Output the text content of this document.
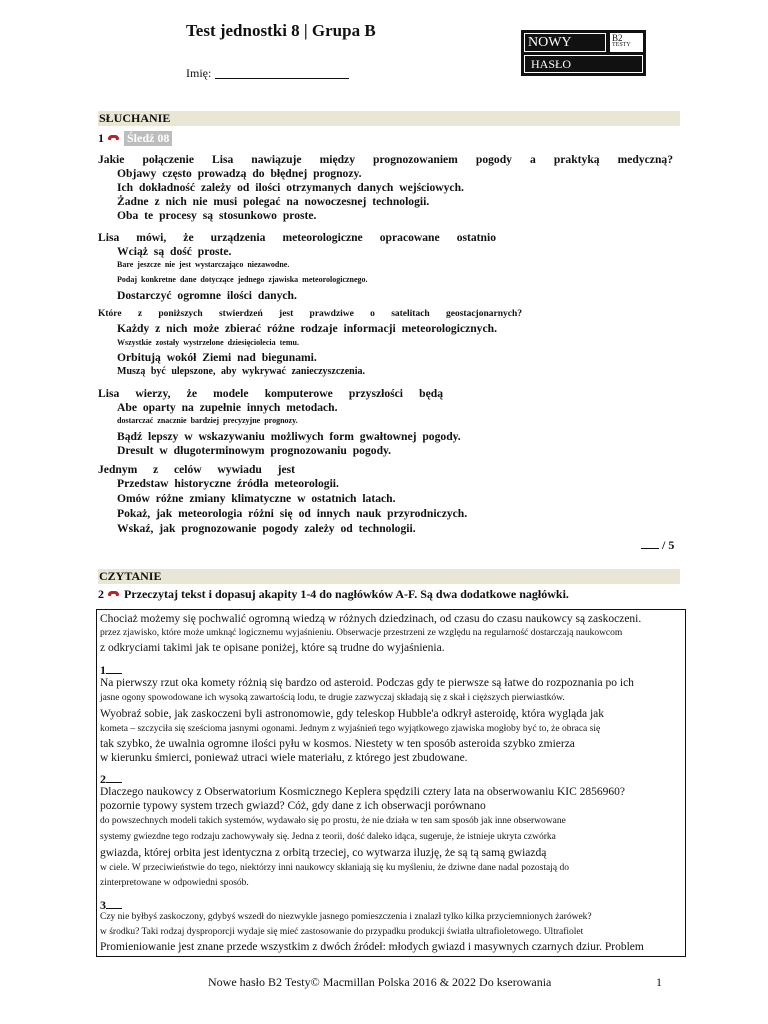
Test jednostki 8 | Grupa B
Imię:
NOWY	B2
TESTY
HASŁO
SŁUCHANIE
1 Śledź 08
Jakie połączenie Lisa nawiązuje między prognozowaniem pogody a praktyką medyczną?
Objawy często prowadzą do błędnej prognozy.
Ich dokładność zależy od ilości otrzymanych danych wejściowych.
Żadne z nich nie musi polegać na nowoczesnej technologii.
Oba te procesy są stosunkowo proste.
Lisa mówi, że urządzenia meteorologiczne opracowane ostatnio
Wciąż są dość proste.
Bare jeszcze nie jest wystarczająco niezawodne.
Podaj konkretne dane dotyczące jednego zjawiska meteorologicznego.
Dostarczyć ogromne ilości danych.
Które z poniższych stwierdzeń jest prawdziwe o satelitach geostacjonarnych?
Każdy z nich może zbierać różne rodzaje informacji meteorologicznych.
Wszystkie zostały wystrzelone dziesięciolecia temu.
Orbitują wokół Ziemi nad biegunami.
Muszą być ulepszone, aby wykrywać zanieczyszczenia.
Lisa wierzy, że modele komputerowe przyszłości będą
Abe oparty na zupełnie innych metodach.
dostarczać znacznie bardziej precyzyjne prognozy.
Bądź lepszy w wskazywaniu możliwych form gwałtownej pogody.
Dresult w długoterminowym prognozowaniu pogody.
Jednym z celów wywiadu jest
Przedstaw historyczne źródła meteorologii.
Omów różne zmiany klimatyczne w ostatnich latach.
Pokaż, jak meteorologia różni się od innych nauk przyrodniczych.
Wskaź, jak prognozowanie pogody zależy od technologii.
/ 5
CZYTANIE
2 Przeczytaj tekst i dopasuj akapity 1-4 do nagłówków A-F. Są dwa dodatkowe nagłówki.
Chociaż możemy się pochwalić ogromną wiedzą w różnych dziedzinach, od czasu do czasu naukowcy są zaskoczeni.
przez zjawisko, które może umknąć logicznemu wyjaśnieniu. Obserwacje przestrzeni ze względu na regularność dostarczają naukowcom
z odkryciami takimi jak te opisane poniżej, które są trudne do wyjaśnienia.
1
Na pierwszy rzut oka komety różnią się bardzo od asteroid. Podczas gdy te pierwsze są łatwe do rozpoznania po ich
jasne ogony spowodowane ich wysoką zawartością lodu, te drugie zazwyczaj składają się z skał i cięższych pierwiastków.
Wyobraź sobie, jak zaskoczeni byli astronomowie, gdy teleskop Hubble'a odkrył asteroidę, która wygląda jak
kometa – szczyciła się sześcioma jasnymi ogonami. Jednym z wyjaśnień tego wyjątkowego zjawiska mogłoby być to, że obraca się
tak szybko, że uwalnia ogromne ilości pyłu w kosmos. Niestety w ten sposób asteroida szybko zmierza
w kierunku śmierci, ponieważ utraci wiele materiału, z którego jest zbudowane.
2
Dlaczego naukowcy z Obserwatorium Kosmicznego Keplera spędzili cztery lata na obserwowaniu KIC 2856960?
pozornie typowy system trzech gwiazd? Cóż, gdy dane z ich obserwacji porównano
do powszechnych modeli takich systemów, wydawało się po prostu, że nie działa w ten sam sposób jak inne obserwowane
systemy gwiezdne tego rodzaju zachowywały się. Jedna z teorii, dość daleko idąca, sugeruje, że istnieje ukryta czwórka
gwiazda, której orbita jest identyczna z orbitą trzeciej, co wytwarza iluzję, że są tą samą gwiazdą
w ciele. W przeciwieństwie do tego, niektórzy inni naukowcy skłaniają się ku myśleniu, że dziwne dane nadal pozostają do
zinterpretowane w odpowiedni sposób.
3
Czy nie byłbyś zaskoczony, gdybyś wszedł do niezwykle jasnego pomieszczenia i znalazł tylko kilka przyciemnionych żarówek?
w środku? Taki rodzaj dysproporcji wydaje się mieć zastosowanie do przypadku produkcji światła ultrafioletowego. Ultrafiolet
Promieniowanie jest znane przede wszystkim z dwóch źródeł: młodych gwiazd i masywnych czarnych dziur. Problem
Nowe hasło B2 Testy© Macmillan Polska 2016 & 2022 Do kserowania	1
